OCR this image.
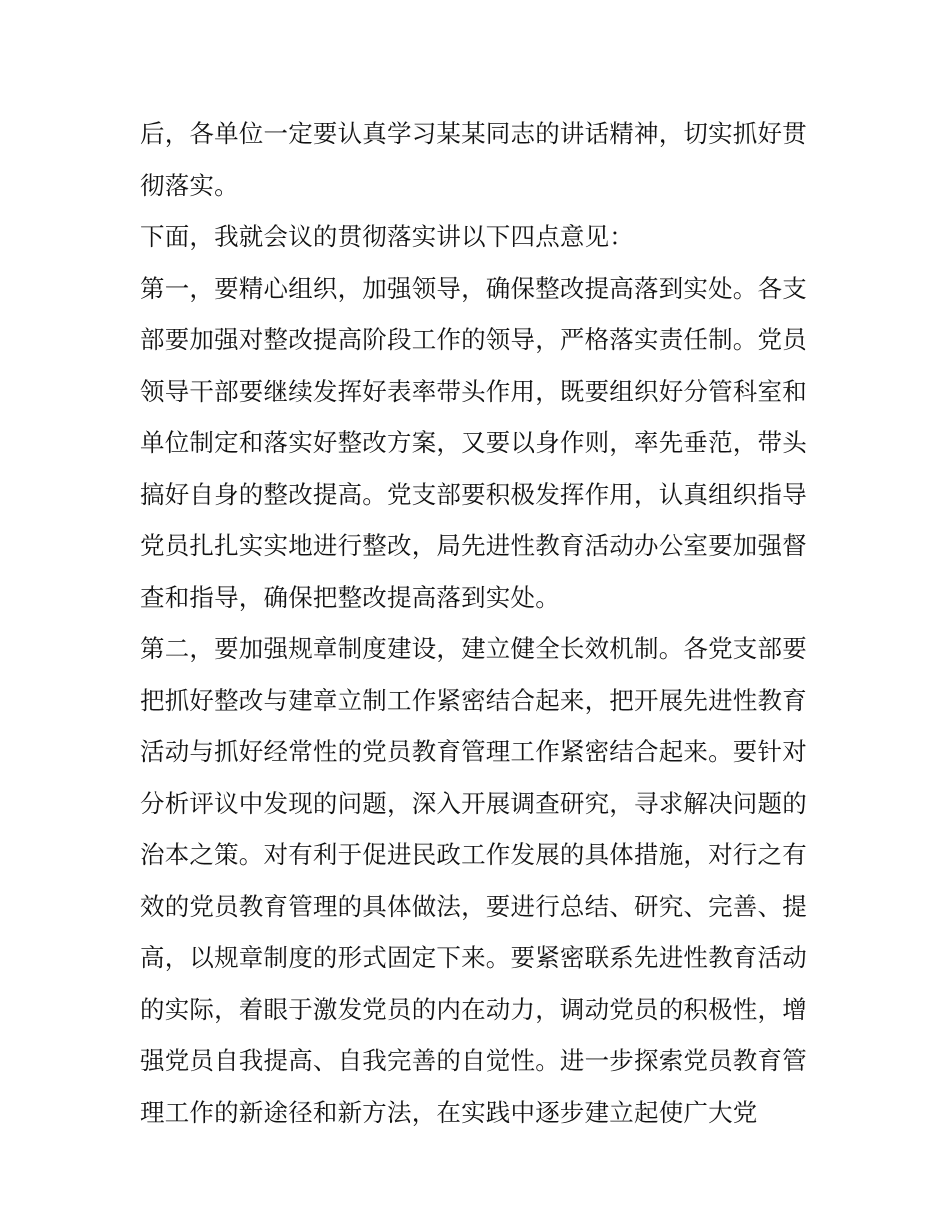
后，各单位一定要认真学习某某同志的讲话精神，切实抓好贯
彻落实。
下面，我就会议的贯彻落实讲以下四点意见：
第一，要精心组织，加强领导，确保整改提高落到实处。各支
部要加强对整改提高阶段工作的领导，严格落实责任制。党员
领导干部要继续发挥好表率带头作用，既要组织好分管科室和
单位制定和落实好整改方案，又要以身作则，率先垂范，带头
搞好自身的整改提高。党支部要积极发挥作用，认真组织指导
党员扎扎实实地进行整改，局先进性教育活动办公室要加强督
查和指导，确保把整改提高落到实处。
第二，要加强规章制度建设，建立健全长效机制。各党支部要
把抓好整改与建章立制工作紧密结合起来，把开展先进性教育
活动与抓好经常性的党员教育管理工作紧密结合起来。要针对
分析评议中发现的问题，深入开展调查研究，寻求解决问题的
治本之策。对有利于促进民政工作发展的具体措施，对行之有
效的党员教育管理的具体做法，要进行总结、研究、完善、提
高，以规章制度的形式固定下来。要紧密联系先进性教育活动
的实际，着眼于激发党员的内在动力，调动党员的积极性，增
强党员自我提高、自我完善的自觉性。进一步探索党员教育管
理工作的新途径和新方法，在实践中逐步建立起使广大党
